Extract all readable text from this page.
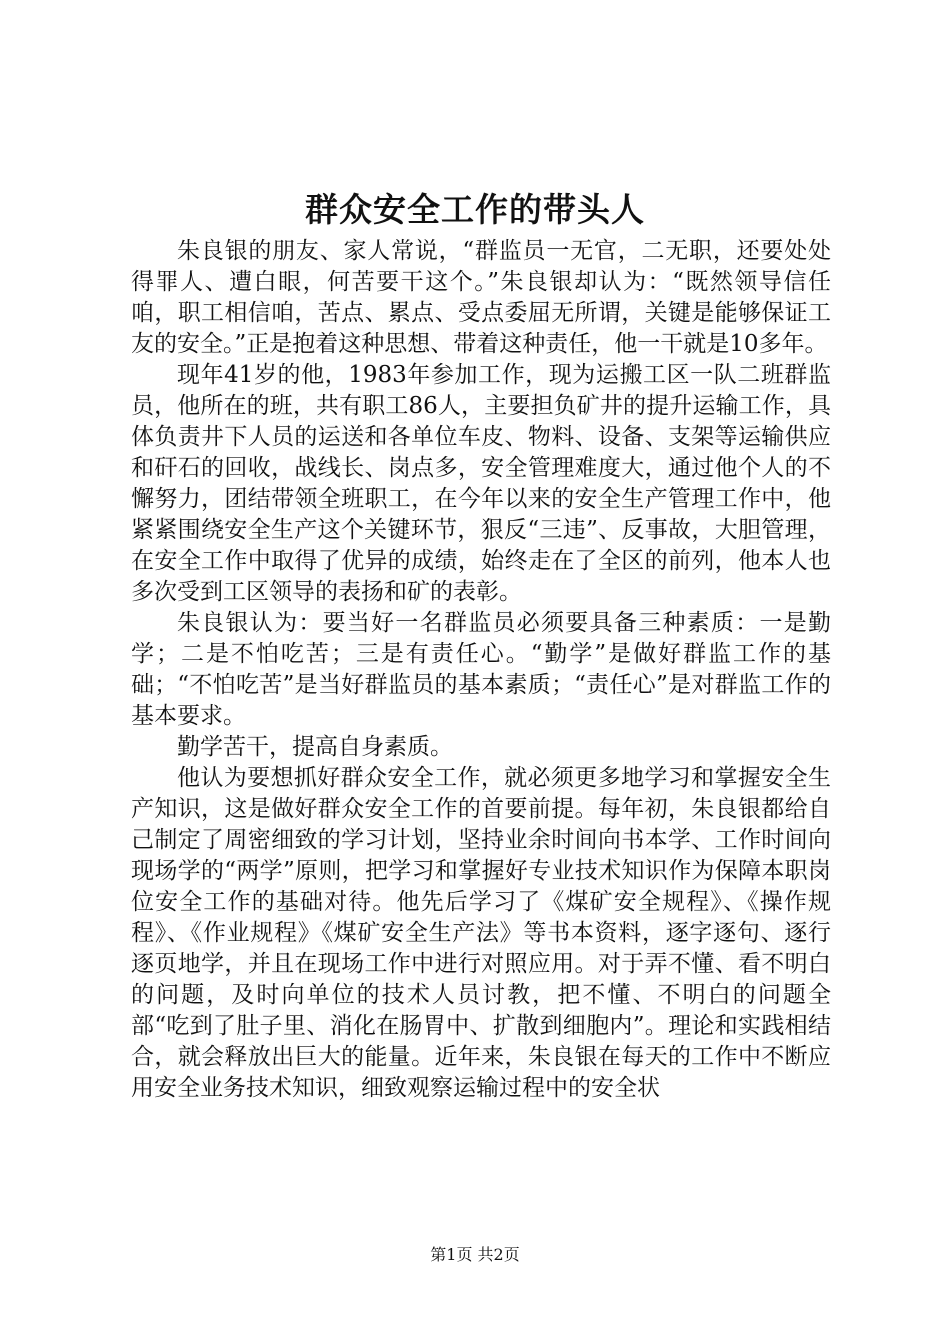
群众安全工作的带头人

朱良银的朋友、家人常说，“群监员一无官，二无职，还要处处得罪人、遭白眼，何苦要干这个。”朱良银却认为：“既然领导信任咱，职工相信咱，苦点、累点、受点委屈无所谓，关键是能够保证工友的安全。”正是抱着这种思想、带着这种责任，他一干就是10多年。

现年41岁的他，1983年参加工作，现为运搬工区一队二班群监员，他所在的班，共有职工86人，主要担负矿井的提升运输工作，具体负责井下人员的运送和各单位车皮、物料、设备、支架等运输供应和矸石的回收，战线长、岗点多，安全管理难度大，通过他个人的不懈努力，团结带领全班职工，在今年以来的安全生产管理工作中，他紧紧围绕安全生产这个关键环节，狠反“三违”、反事故，大胆管理，在安全工作中取得了优异的成绩，始终走在了全区的前列，他本人也多次受到工区领导的表扬和矿的表彰。

朱良银认为：要当好一名群监员必须要具备三种素质：一是勤学；二是不怕吃苦；三是有责任心。“勤学”是做好群监工作的基础；“不怕吃苦”是当好群监员的基本素质；“责任心”是对群监工作的基本要求。

勤学苦干，提高自身素质。

他认为要想抓好群众安全工作，就必须更多地学习和掌握安全生产知识，这是做好群众安全工作的首要前提。每年初，朱良银都给自己制定了周密细致的学习计划，坚持业余时间向书本学、工作时间向现场学的“两学”原则，把学习和掌握好专业技术知识作为保障本职岗位安全工作的基础对待。他先后学习了《煤矿安全规程》、《操作规程》、《作业规程》《煤矿安全生产法》等书本资料，逐字逐句、逐行逐页地学，并且在现场工作中进行对照应用。对于弄不懂、看不明白的问题，及时向单位的技术人员讨教，把不懂、不明白的问题全部“吃到了肚子里、消化在肠胃中、扩散到细胞内”。理论和实践相结合，就会释放出巨大的能量。近年来，朱良银在每天的工作中不断应用安全业务技术知识，细致观察运输过程中的安全状

第1页 共2页
